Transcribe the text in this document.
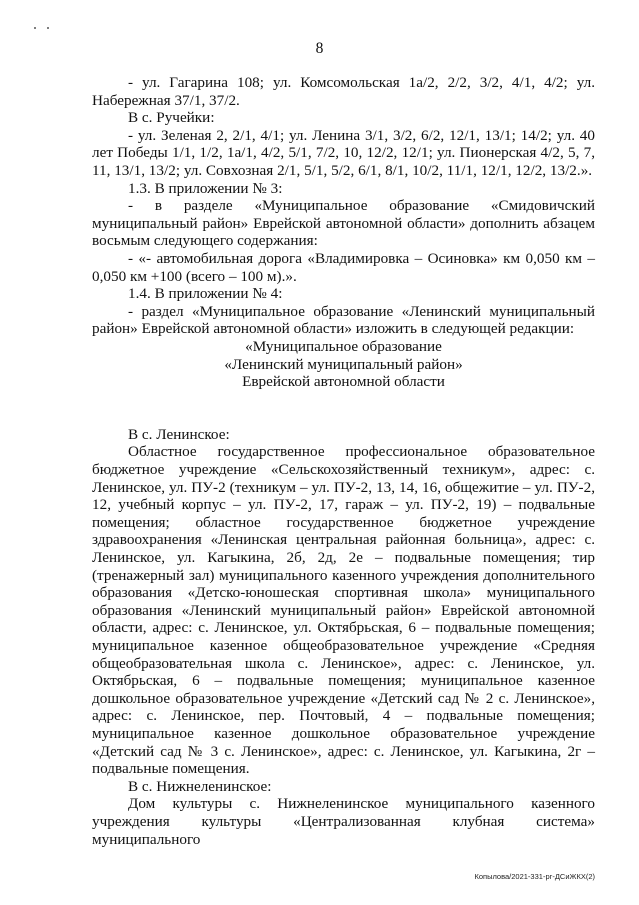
8

- ул. Гагарина 108; ул. Комсомольская 1а/2, 2/2, 3/2, 4/1, 4/2; ул. Набережная 37/1, 37/2.

В с. Ручейки:

- ул. Зеленая 2, 2/1, 4/1; ул. Ленина 3/1, 3/2, 6/2, 12/1, 13/1; 14/2; ул. 40 лет Победы 1/1, 1/2, 1а/1, 4/2, 5/1, 7/2, 10, 12/2, 12/1; ул. Пионерская 4/2, 5, 7, 11, 13/1, 13/2; ул. Совхозная 2/1, 5/1, 5/2, 6/1, 8/1, 10/2, 11/1, 12/1, 12/2, 13/2.».

1.3. В приложении № 3:

- в разделе «Муниципальное образование «Смидовичский муниципальный район» Еврейской автономной области» дополнить абзацем восьмым следующего содержания:

- «- автомобильная дорога «Владимировка – Осиновка» км 0,050 км – 0,050 км +100 (всего – 100 м).».

1.4. В приложении № 4:

- раздел «Муниципальное образование «Ленинский муниципальный район» Еврейской автономной области» изложить в следующей редакции:

«Муниципальное образование

«Ленинский муниципальный район»

Еврейской автономной области

В с. Ленинское:

Областное государственное профессиональное образовательное бюджетное учреждение «Сельскохозяйственный техникум», адрес: с. Ленинское, ул. ПУ-2 (техникум – ул. ПУ-2, 13, 14, 16, общежитие – ул. ПУ-2, 12, учебный корпус – ул. ПУ-2, 17, гараж – ул. ПУ-2, 19) – подвальные помещения; областное государственное бюджетное учреждение здравоохранения «Ленинская центральная районная больница», адрес: с. Ленинское, ул. Кагыкина, 2б, 2д, 2е – подвальные помещения; тир (тренажерный зал) муниципального казенного учреждения дополнительного образования «Детско-юношеская спортивная школа» муниципального образования «Ленинский муниципальный район» Еврейской автономной области, адрес: с. Ленинское, ул. Октябрьская, 6 – подвальные помещения; муниципальное казенное общеобразовательное учреждение «Средняя общеобразовательная школа с. Ленинское», адрес: с. Ленинское, ул. Октябрьская, 6 – подвальные помещения; муниципальное казенное дошкольное образовательное учреждение «Детский сад № 2 с. Ленинское», адрес: с. Ленинское, пер. Почтовый, 4 – подвальные помещения; муниципальное казенное дошкольное образовательное учреждение «Детский сад № 3 с. Ленинское», адрес: с. Ленинское, ул. Кагыкина, 2г – подвальные помещения.

В с. Нижнеленинское:

Дом культуры с. Нижнеленинское муниципального казенного учреждения культуры «Централизованная клубная система» муниципального

Копылова/2021-331-рг-ДСиЖКХ(2)
